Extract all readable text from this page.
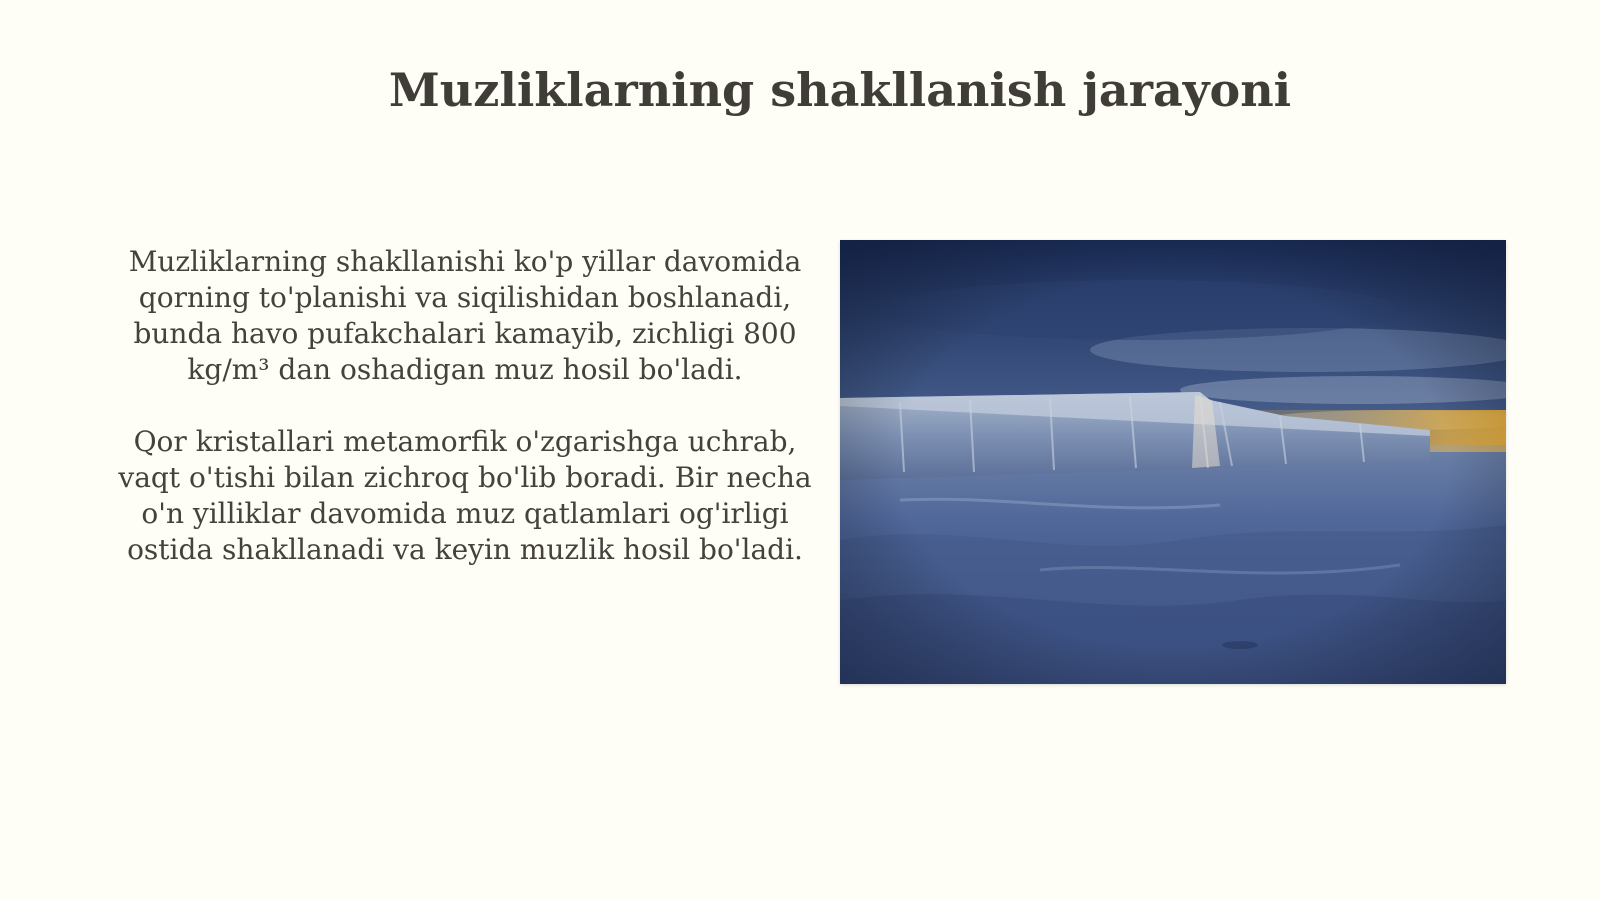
Muzliklarning shakllanish jarayoni

Muzliklarning shakllanishi ko'p yillar davomida qorning to'planishi va siqilishidan boshlanadi, bunda havo pufakchalari kamayib, zichligi 800 kg/m³ dan oshadigan muz hosil bo'ladi.

Qor kristallari metamorfik o'zgarishga uchrab, vaqt o'tishi bilan zichroq bo'lib boradi. Bir necha o'n yilliklar davomida muz qatlamlari og'irligi ostida shakllanadi va keyin muzlik hosil bo'ladi.
